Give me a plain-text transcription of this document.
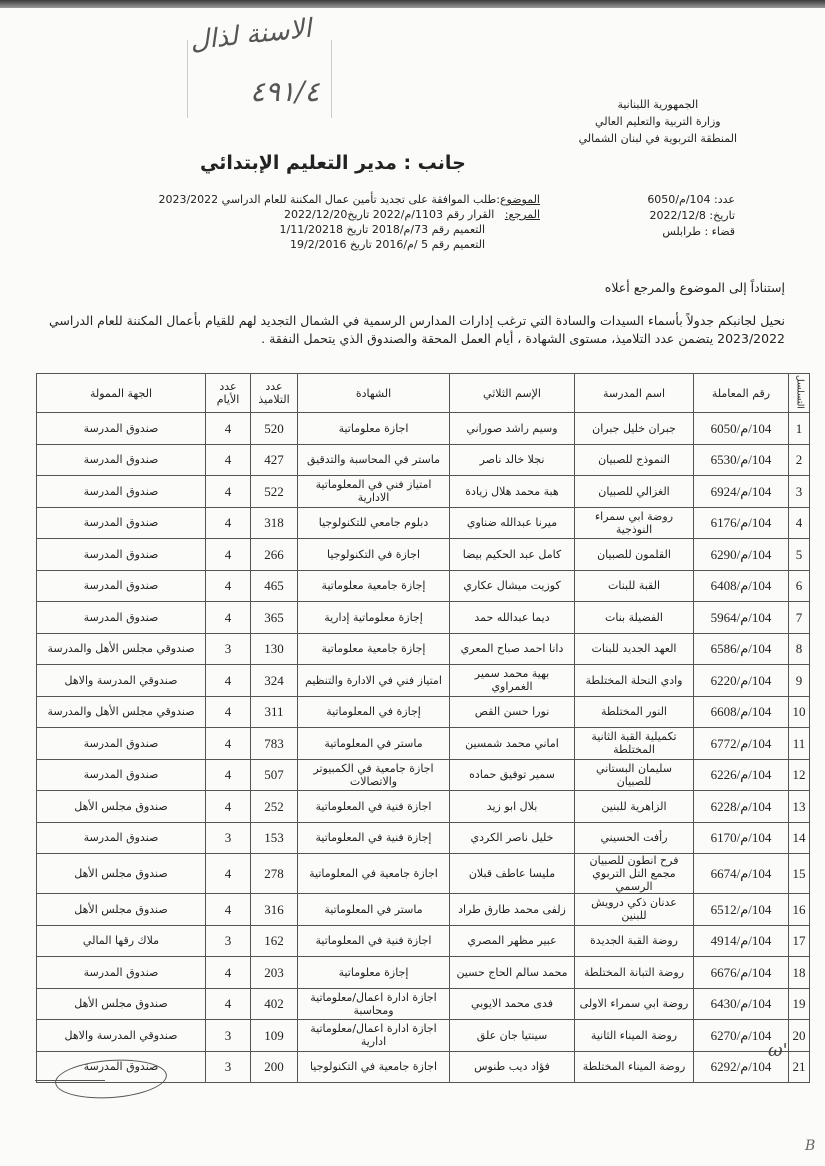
الاسنة لذال
٤٩١/٤	الجمهورية اللبنانية
وزارة التربية والتعليم العالي
المنطقة التربوية في لبنان الشمالي
جانب : مدير التعليم الإبتدائي
عدد: 104/م/6050
تاريخ: 2022/12/8
قضاء : طرابلس
الموضوع:طلب الموافقة على تجديد تأمين عمال المكننة للعام الدراسي 2023/2022
المرجع:   القرار رقم 1103/م/2022 تاريخ2022/12/20
التعميم رقم 73/م/2018 تاريخ 1/11/20218
التعميم رقم 5 /م/2016 تاريخ 19/2/2016
إستناداً إلى الموضوع والمرجع أعلاه
نحيل لجانبكم جدولاً بأسماء السيدات والسادة التي ترغب إدارات المدارس الرسمية في الشمال التجديد لهم للقيام بأعمال المكننة للعام الدراسي 2023/2022 يتضمن عدد التلاميذ، مستوى الشهادة ، أيام العمل المحقة والصندوق الذي يتحمل النفقة .
التسلسل	رقم المعاملة	اسم المدرسة	الإسم الثلاثي	الشهادة	عدد التلاميذ	عدد الأيام	الجهة الممولة
1	104/م/6050	جبران خليل جبران	وسيم راشد صوراني	اجازة معلوماتية	520	4	صندوق المدرسة
2	104/م/6530	النموذج للصبيان	نجلا خالد ناصر	ماستر في المحاسبة والتدقيق	427	4	صندوق المدرسة
3	104/م/6924	الغزالي للصبيان	هبة محمد هلال زيادة	امتياز فني في المعلوماتية الادارية	522	4	صندوق المدرسة
4	104/م/6176	روضة ابي سمراء النوذجية	ميرنا عبدالله ضناوي	دبلوم جامعي للتكنولوجيا	318	4	صندوق المدرسة
5	104/م/6290	القلمون للصبيان	كامل عبد الحكيم بيضا	اجازة في التكنولوجيا	266	4	صندوق المدرسة
6	104/م/6408	القبة للبنات	كوزيت ميشال عكاري	إجازة جامعية معلوماتية	465	4	صندوق المدرسة
7	104/م/5964	الفضيلة بنات	ديما عبدالله حمد	إجازة معلوماتية إدارية	365	4	صندوق المدرسة
8	104/م/6586	العهد الجديد للبنات	دانا احمد صباح المعري	إجازة جامعية معلوماتية	130	3	صندوقي مجلس الأهل والمدرسة
9	104/م/6220	وادي النحلة المختلطة	بهية محمد سمير الغمراوي	امتياز فني في الادارة والتنظيم	324	4	صندوقي المدرسة والاهل
10	104/م/6608	النور المختلطة	نورا حسن القص	إجازة في المعلوماتية	311	4	صندوقي مجلس الأهل والمدرسة
11	104/م/6772	تكميلية القبة الثانية المختلطة	اماني محمد شمسين	ماستر في المعلوماتية	783	4	صندوق المدرسة
12	104/م/6226	سليمان البستاني للصبيان	سمير توفيق حماده	اجازة جامعية في الكمبيوتر والاتصالات	507	4	صندوق المدرسة
13	104/م/6228	الزاهرية للبنين	بلال ابو زيد	اجازة فنية في المعلوماتية	252	4	صندوق مجلس الأهل
14	104/م/6170	رأفت الحسيني	خليل ناصر الكردي	إجازة فنية في المعلوماتية	153	3	صندوق المدرسة
15	104/م/6674	فرح انطون للصبيان مجمع التل التربوي الرسمي	مليسا عاطف قبلان	اجازة جامعية في المعلوماتية	278	4	صندوق مجلس الأهل
16	104/م/6512	عدنان ذكي درويش للبنين	زلفى محمد طارق طراد	ماستر في المعلوماتية	316	4	صندوق مجلس الأهل
17	104/م/4914	روضة القبة الجديدة	عبير مظهر المصري	اجازة فنية في المعلوماتية	162	3	ملاك رقها المالي
18	104/م/6676	روضة التبانة المختلطة	محمد سالم الحاج حسين	إجازة معلوماتية	203	4	صندوق المدرسة
19	104/م/6430	روضة ابي سمراء الاولى	فدى محمد الايوبي	اجازة ادارة اعمال/معلوماتية ومحاسبة	402	4	صندوق مجلس الأهل
20	104/م/6270	روضة الميناء الثانية	سينتيا جان علق	اجازة ادارة اعمال/معلوماتية ادارية	109	3	صندوقي المدرسة والاهل
21	104/م/6292	روضة الميناء المختلطة	فؤاد ديب طنوس	اجازة جامعية في التكنولوجيا	200	3	صندوق المدرسة
ω'
B
